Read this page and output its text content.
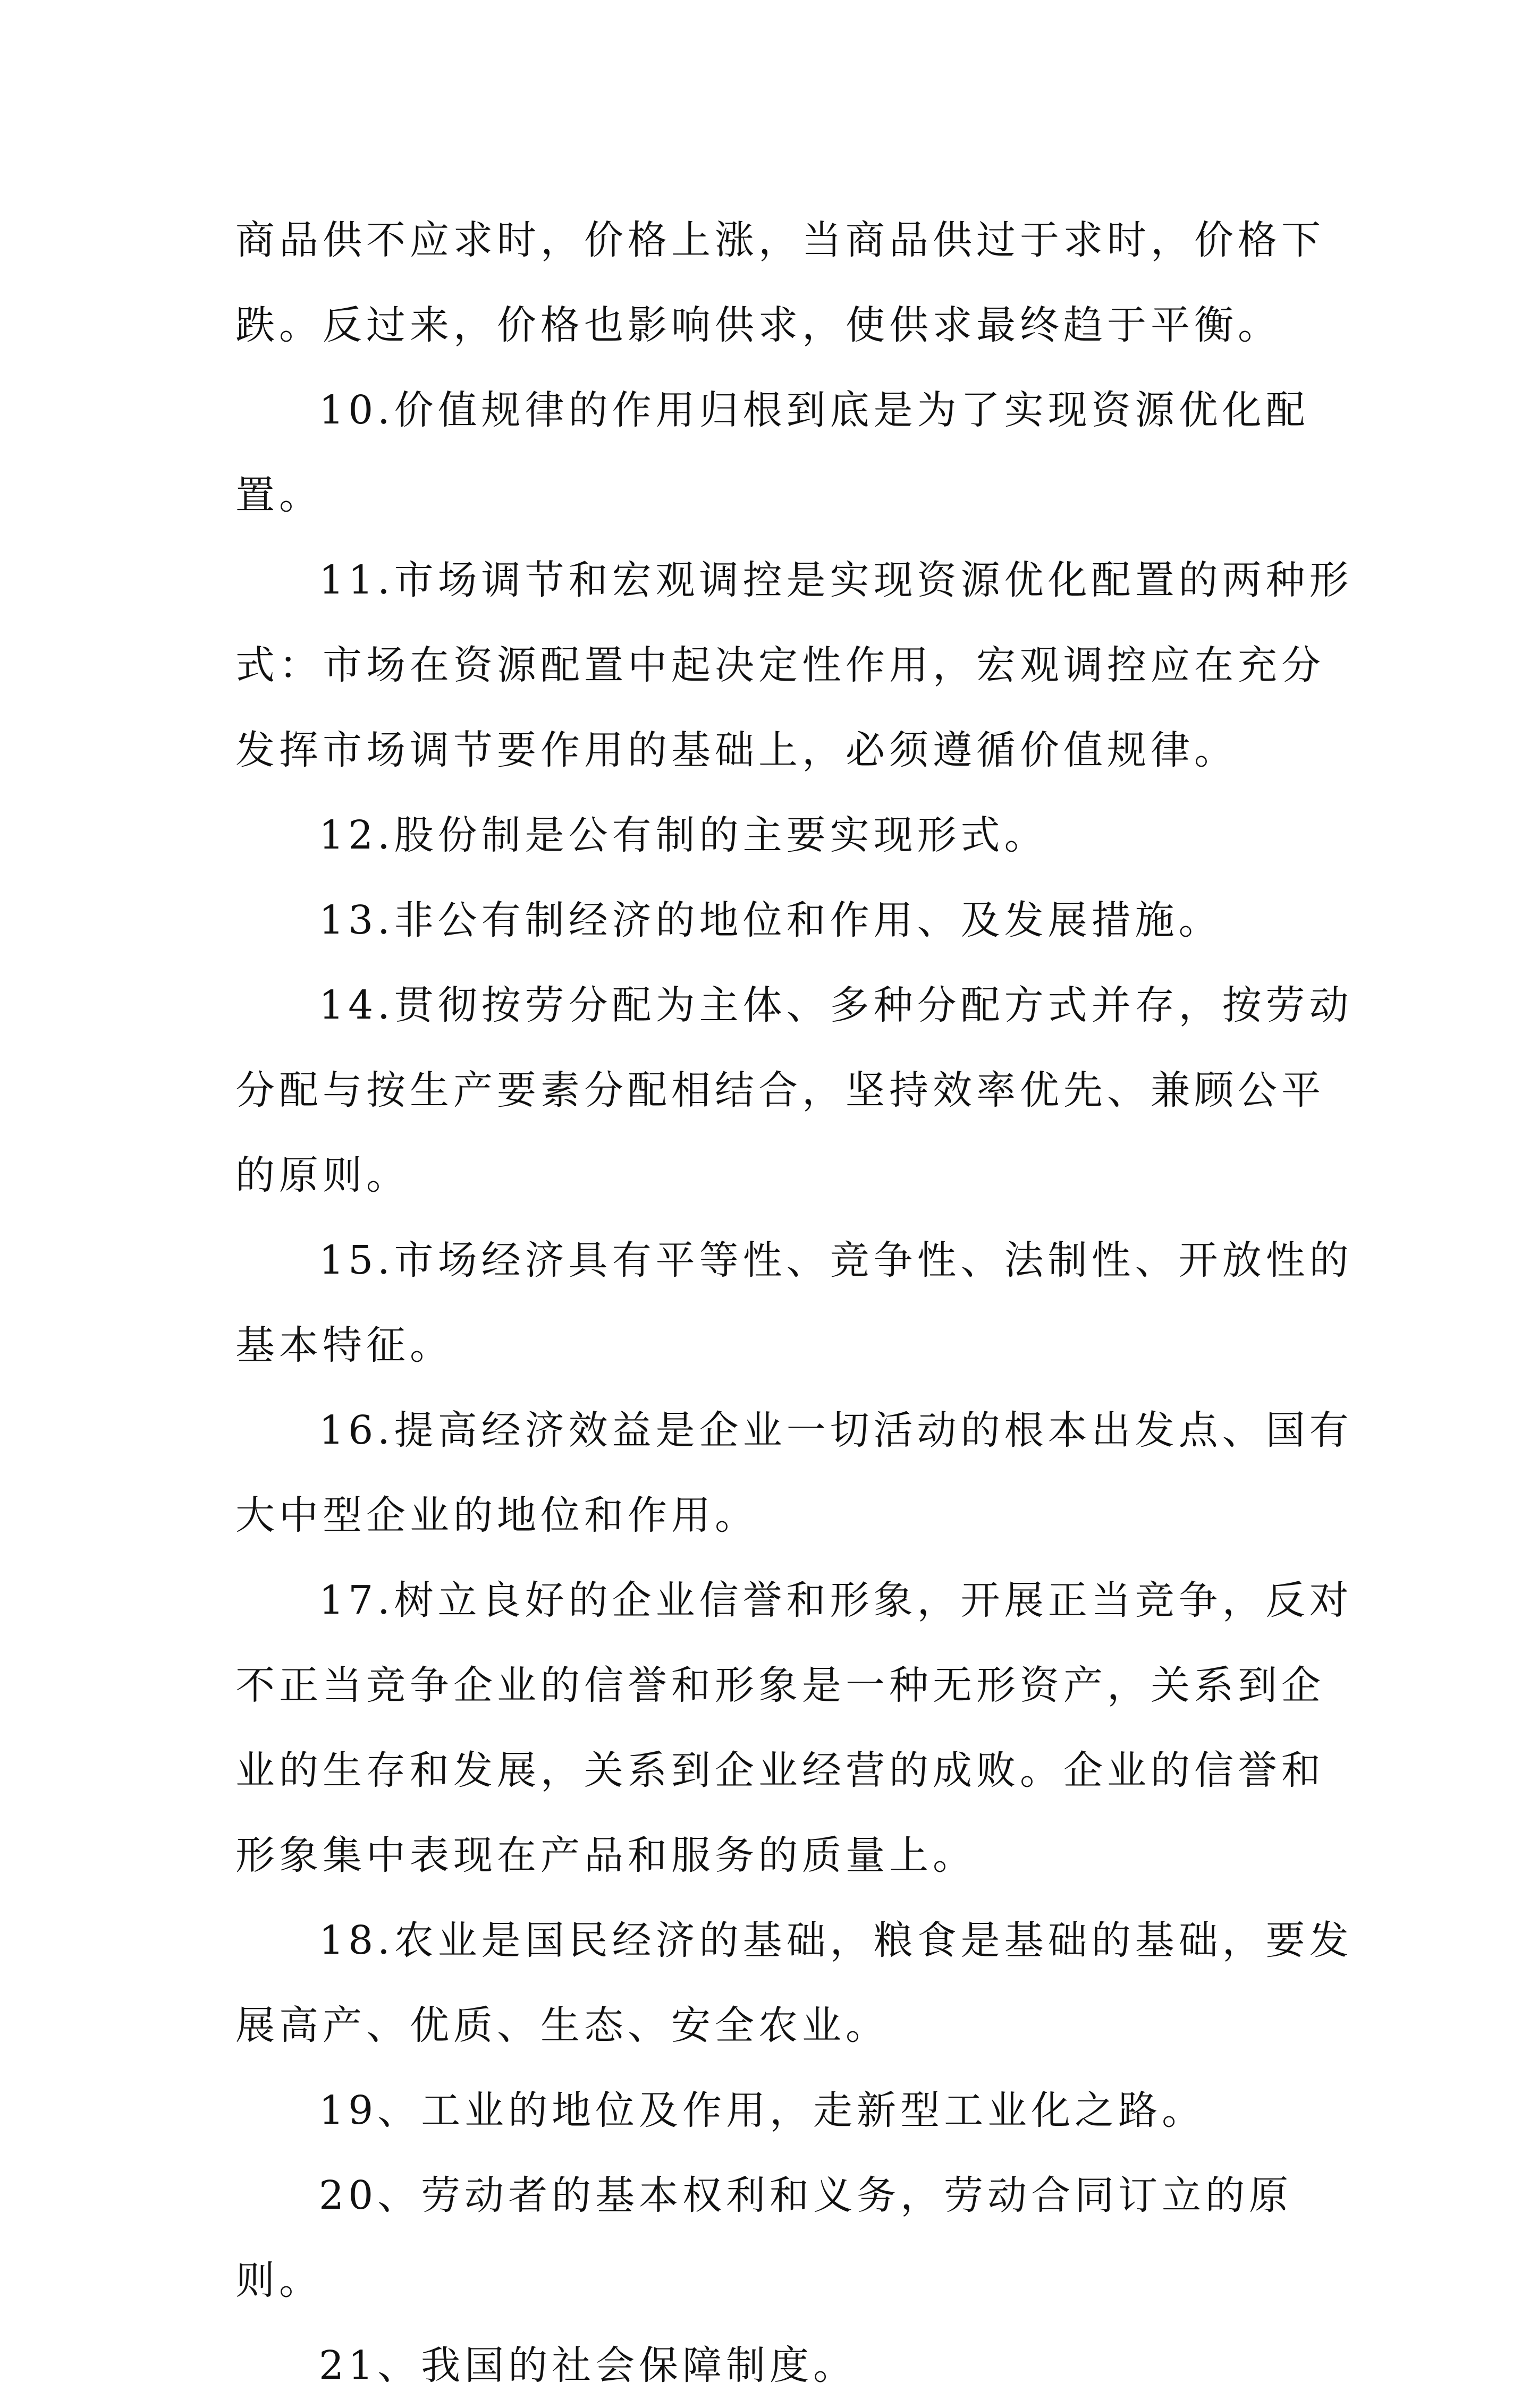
商品供不应求时，价格上涨，当商品供过于求时，价格下跌。反过来，价格也影响供求，使供求最终趋于平衡。

10.价值规律的作用归根到底是为了实现资源优化配置。

11.市场调节和宏观调控是实现资源优化配置的两种形式：市场在资源配置中起决定性作用，宏观调控应在充分发挥市场调节要作用的基础上，必须遵循价值规律。

12.股份制是公有制的主要实现形式。

13.非公有制经济的地位和作用、及发展措施。

14.贯彻按劳分配为主体、多种分配方式并存，按劳动分配与按生产要素分配相结合，坚持效率优先、兼顾公平的原则。

15.市场经济具有平等性、竞争性、法制性、开放性的基本特征。

16.提高经济效益是企业一切活动的根本出发点、国有大中型企业的地位和作用。

17.树立良好的企业信誉和形象，开展正当竞争，反对不正当竞争企业的信誉和形象是一种无形资产，关系到企业的生存和发展，关系到企业经营的成败。企业的信誉和形象集中表现在产品和服务的质量上。

18.农业是国民经济的基础，粮食是基础的基础，要发展高产、优质、生态、安全农业。

19、工业的地位及作用，走新型工业化之路。

20、劳动者的基本权利和义务，劳动合同订立的原则。

21、我国的社会保障制度。
